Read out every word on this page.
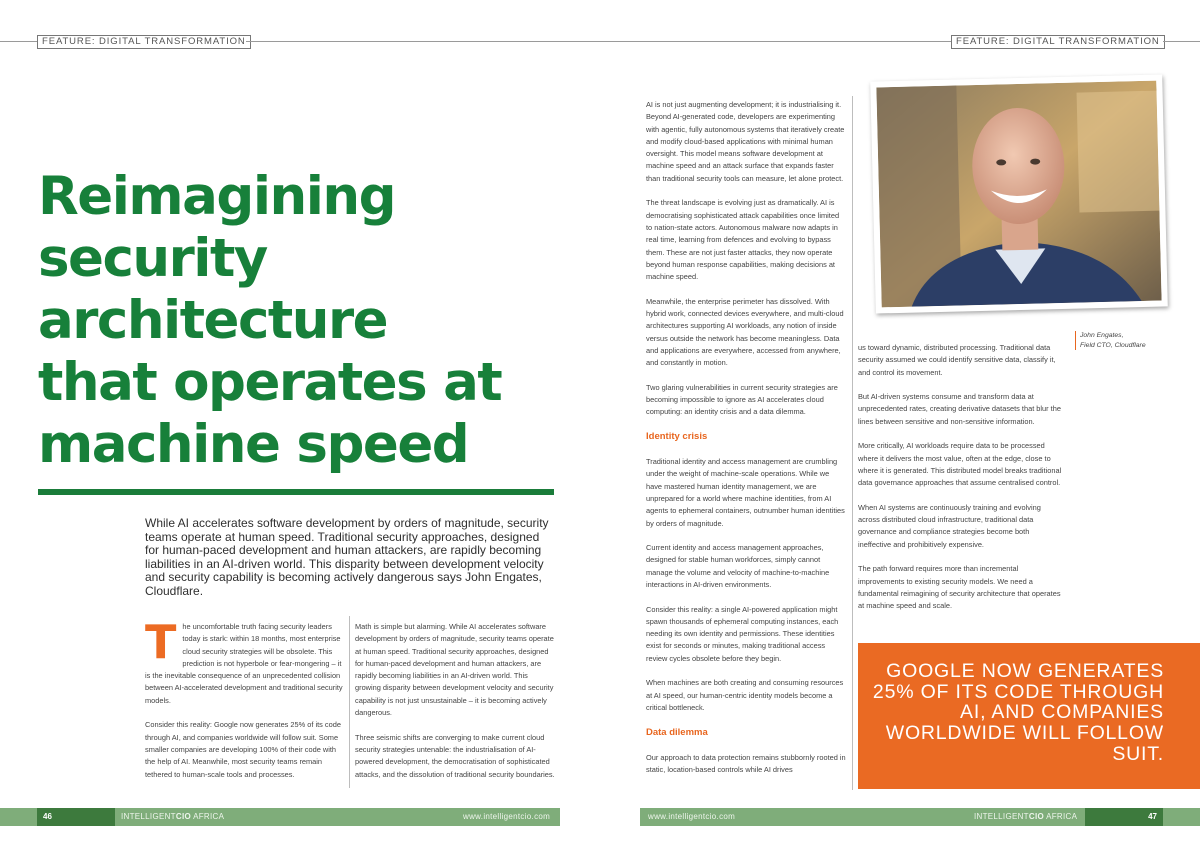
FEATURE: DIGITAL TRANSFORMATION	FEATURE: DIGITAL TRANSFORMATION
Reimagining
security
architecture
that operates at
machine speed

While AI accelerates software development by orders of magnitude, security teams operate at human speed. Traditional security approaches, designed for human-paced development and human attackers, are rapidly becoming liabilities in an AI-driven world. This disparity between development velocity and security capability is becoming actively dangerous says John Engates, Cloudflare.

The uncomfortable truth facing security leaders today is stark: within 18 months, most enterprise cloud security strategies will be obsolete. This prediction is not hyperbole or fear-mongering – it is the inevitable consequence of an unprecedented collision between AI-accelerated development and traditional security models.

Consider this reality: Google now generates 25% of its code through AI, and companies worldwide will follow suit. Some smaller companies are developing 100% of their code with the help of AI. Meanwhile, most security teams remain tethered to human-scale tools and processes.

Math is simple but alarming. While AI accelerates software development by orders of magnitude, security teams operate at human speed. Traditional security approaches, designed for human-paced development and human attackers, are rapidly becoming liabilities in an AI-driven world. This growing disparity between development velocity and security capability is not just unsustainable – it is becoming actively dangerous.

Three seismic shifts are converging to make current cloud security strategies untenable: the industrialisation of AI-powered development, the democratisation of sophisticated attacks, and the dissolution of traditional security boundaries.

AI is not just augmenting development; it is industrialising it. Beyond AI-generated code, developers are experimenting with agentic, fully autonomous systems that iteratively create and modify cloud-based applications with minimal human oversight. This model means software development at machine speed and an attack surface that expands faster than traditional security tools can measure, let alone protect.

The threat landscape is evolving just as dramatically. AI is democratising sophisticated attack capabilities once limited to nation-state actors. Autonomous malware now adapts in real time, learning from defences and evolving to bypass them. These are not just faster attacks, they now operate beyond human response capabilities, making decisions at machine speed.

Meanwhile, the enterprise perimeter has dissolved. With hybrid work, connected devices everywhere, and multi-cloud architectures supporting AI workloads, any notion of inside versus outside the network has become meaningless. Data and applications are everywhere, accessed from anywhere, and constantly in motion.

Two glaring vulnerabilities in current security strategies are becoming impossible to ignore as AI accelerates cloud computing: an identity crisis and a data dilemma.

Identity crisis

Traditional identity and access management are crumbling under the weight of machine-scale operations. While we have mastered human identity management, we are unprepared for a world where machine identities, from AI agents to ephemeral containers, outnumber human identities by orders of magnitude.

Current identity and access management approaches, designed for stable human workforces, simply cannot manage the volume and velocity of machine-to-machine interactions in AI-driven environments.

Consider this reality: a single AI-powered application might spawn thousands of ephemeral computing instances, each needing its own identity and permissions. These identities exist for seconds or minutes, making traditional access review cycles obsolete before they begin.

When machines are both creating and consuming resources at AI speed, our human-centric identity models become a critical bottleneck.

Data dilemma

Our approach to data protection remains stubbornly rooted in static, location-based controls while AI drives

John Engates,
Field CTO, Cloudflare

us toward dynamic, distributed processing. Traditional data security assumed we could identify sensitive data, classify it, and control its movement.

But AI-driven systems consume and transform data at unprecedented rates, creating derivative datasets that blur the lines between sensitive and non-sensitive information.

More critically, AI workloads require data to be processed where it delivers the most value, often at the edge, close to where it is generated. This distributed model breaks traditional data governance approaches that assume centralised control.

When AI systems are continuously training and evolving across distributed cloud infrastructure, traditional data governance and compliance strategies become both ineffective and prohibitively expensive.

The path forward requires more than incremental improvements to existing security models. We need a fundamental reimagining of security architecture that operates at machine speed and scale.

GOOGLE NOW GENERATES 25% OF ITS CODE THROUGH AI, AND COMPANIES WORLDWIDE WILL FOLLOW SUIT.
46	INTELLIGENTCIO AFRICA	www.intelligentcio.com	www.intelligentcio.com	INTELLIGENTCIO AFRICA	47
